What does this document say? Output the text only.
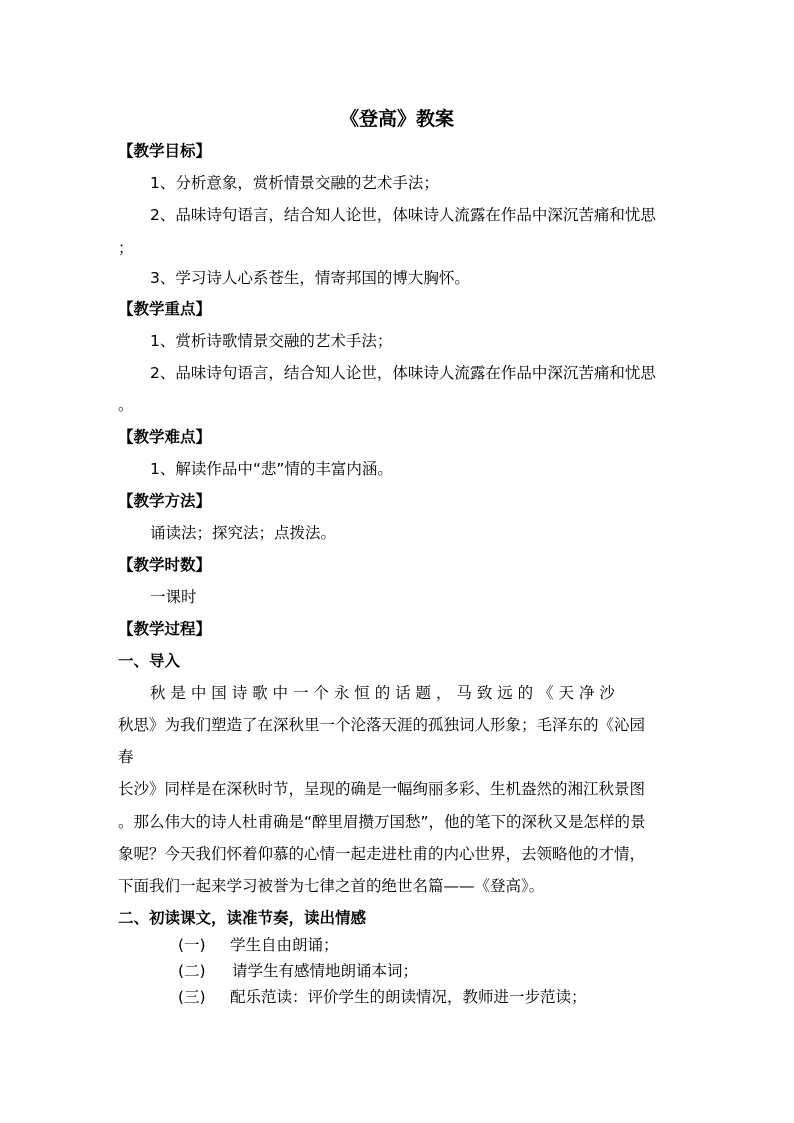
《登高》教案
【教学目标】
1、分析意象，赏析情景交融的艺术手法；
2、品味诗句语言，结合知人论世，体味诗人流露在作品中深沉苦痛和忧思
；
3、学习诗人心系苍生，情寄邦国的博大胸怀。
【教学重点】
1、赏析诗歌情景交融的艺术手法；
2、品味诗句语言，结合知人论世，体味诗人流露在作品中深沉苦痛和忧思
。
【教学难点】
1、解读作品中“悲”情的丰富内涵。
【教学方法】
诵读法；探究法；点拨法。
【教学时数】
一课时
【教学过程】
一、导入
秋 是 中 国 诗 歌 中 一 个 永 恒 的 话 题 ， 马 致 远 的 《 天 净 沙
秋思》为我们塑造了在深秋里一个沦落天涯的孤独词人形象；毛泽东的《沁园
春
长沙》同样是在深秋时节，呈现的确是一幅绚丽多彩、生机盎然的湘江秋景图
。那么伟大的诗人杜甫确是“醉里眉攒万国愁”，他的笔下的深秋又是怎样的景
象呢？今天我们怀着仰慕的心情一起走进杜甫的内心世界，去领略他的才情，
下面我们一起来学习被誉为七律之首的绝世名篇——《登高》。
二、初读课文，读准节奏，读出情感
(一) 学生自由朗诵；
(二) 请学生有感情地朗诵本词；
(三) 配乐范读：评价学生的朗读情况，教师进一步范读；
